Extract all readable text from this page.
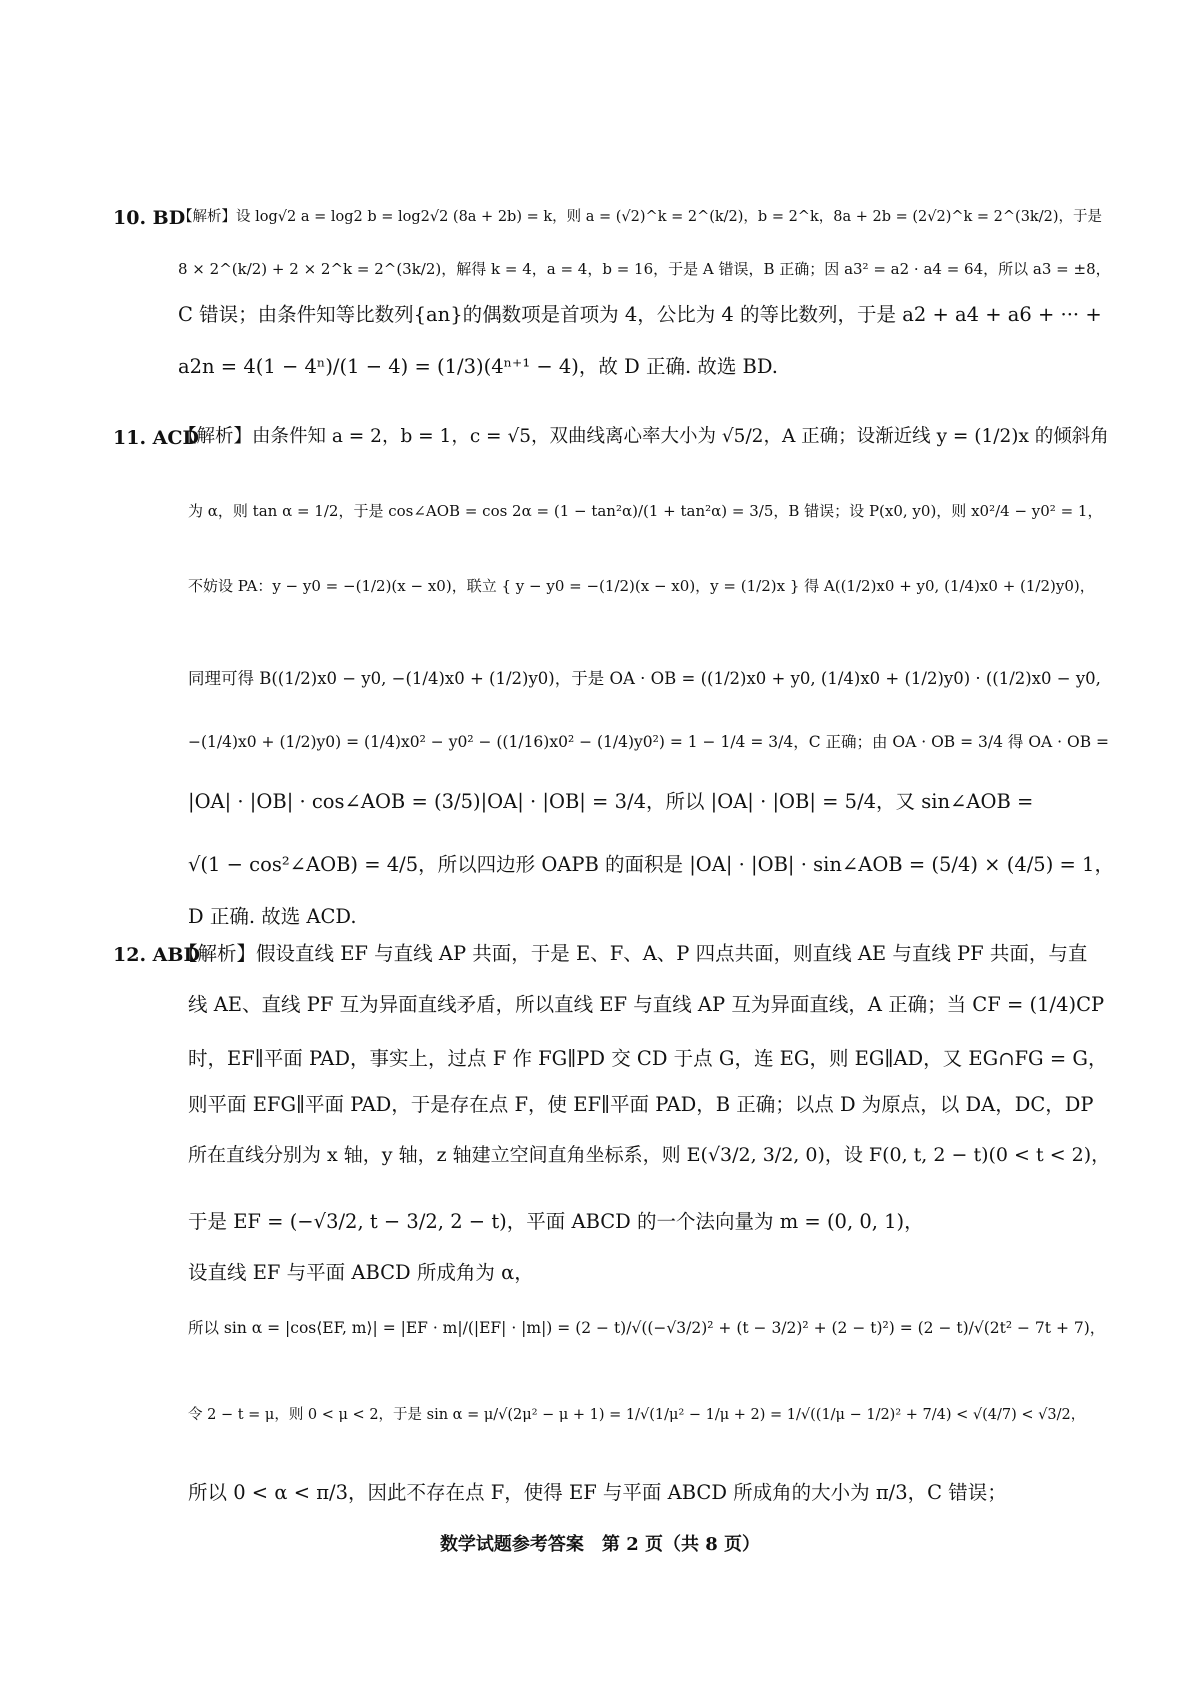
10. BD
【解析】设 log√2 a = log2 b = log2√2 (8a + 2b) = k，则 a = (√2)^k = 2^(k/2)，b = 2^k，8a + 2b = (2√2)^k = 2^(3k/2)，于是
8 × 2^(k/2) + 2 × 2^k = 2^(3k/2)，解得 k = 4，a = 4，b = 16，于是 A 错误，B 正确；因 a3² = a2 · a4 = 64，所以 a3 = ±8，
C 错误；由条件知等比数列{an}的偶数项是首项为 4，公比为 4 的等比数列，于是 a2 + a4 + a6 + ··· +
a2n = 4(1 − 4ⁿ)/(1 − 4) = (1/3)(4ⁿ⁺¹ − 4)，故 D 正确. 故选 BD.
11. ACD
【解析】由条件知 a = 2，b = 1，c = √5，双曲线离心率大小为 √5/2，A 正确；设渐近线 y = (1/2)x 的倾斜角
为 α，则 tan α = 1/2，于是 cos∠AOB = cos 2α = (1 − tan²α)/(1 + tan²α) = 3/5，B 错误；设 P(x0, y0)，则 x0²/4 − y0² = 1，
不妨设 PA：y − y0 = −(1/2)(x − x0)，联立 { y − y0 = −(1/2)(x − x0)，y = (1/2)x } 得 A((1/2)x0 + y0, (1/4)x0 + (1/2)y0)，
同理可得 B((1/2)x0 − y0, −(1/4)x0 + (1/2)y0)，于是 OA · OB = ((1/2)x0 + y0, (1/4)x0 + (1/2)y0) · ((1/2)x0 − y0,
−(1/4)x0 + (1/2)y0) = (1/4)x0² − y0² − ((1/16)x0² − (1/4)y0²) = 1 − 1/4 = 3/4，C 正确；由 OA · OB = 3/4 得 OA · OB =
|OA| · |OB| · cos∠AOB = (3/5)|OA| · |OB| = 3/4，所以 |OA| · |OB| = 5/4，又 sin∠AOB =
√(1 − cos²∠AOB) = 4/5，所以四边形 OAPB 的面积是 |OA| · |OB| · sin∠AOB = (5/4) × (4/5) = 1，
D 正确. 故选 ACD.
12. ABD
【解析】假设直线 EF 与直线 AP 共面，于是 E、F、A、P 四点共面，则直线 AE 与直线 PF 共面，与直
线 AE、直线 PF 互为异面直线矛盾，所以直线 EF 与直线 AP 互为异面直线，A 正确；当 CF = (1/4)CP
时，EF∥平面 PAD，事实上，过点 F 作 FG∥PD 交 CD 于点 G，连 EG，则 EG∥AD，又 EG∩FG = G，
则平面 EFG∥平面 PAD，于是存在点 F，使 EF∥平面 PAD，B 正确；以点 D 为原点，以 DA，DC，DP
所在直线分别为 x 轴，y 轴，z 轴建立空间直角坐标系，则 E(√3/2, 3/2, 0)，设 F(0, t, 2 − t)(0 < t < 2)，
于是 EF = (−√3/2, t − 3/2, 2 − t)，平面 ABCD 的一个法向量为 m = (0, 0, 1)，
设直线 EF 与平面 ABCD 所成角为 α，
所以 sin α = |cos⟨EF, m⟩| = |EF · m|/(|EF| · |m|) = (2 − t)/√((−√3/2)² + (t − 3/2)² + (2 − t)²) = (2 − t)/√(2t² − 7t + 7)，
令 2 − t = μ，则 0 < μ < 2，于是 sin α = μ/√(2μ² − μ + 1) = 1/√(1/μ² − 1/μ + 2) = 1/√((1/μ − 1/2)² + 7/4) < √(4/7) < √3/2，
所以 0 < α < π/3，因此不存在点 F，使得 EF 与平面 ABCD 所成角的大小为 π/3，C 错误；
数学试题参考答案　第 2 页（共 8 页）
